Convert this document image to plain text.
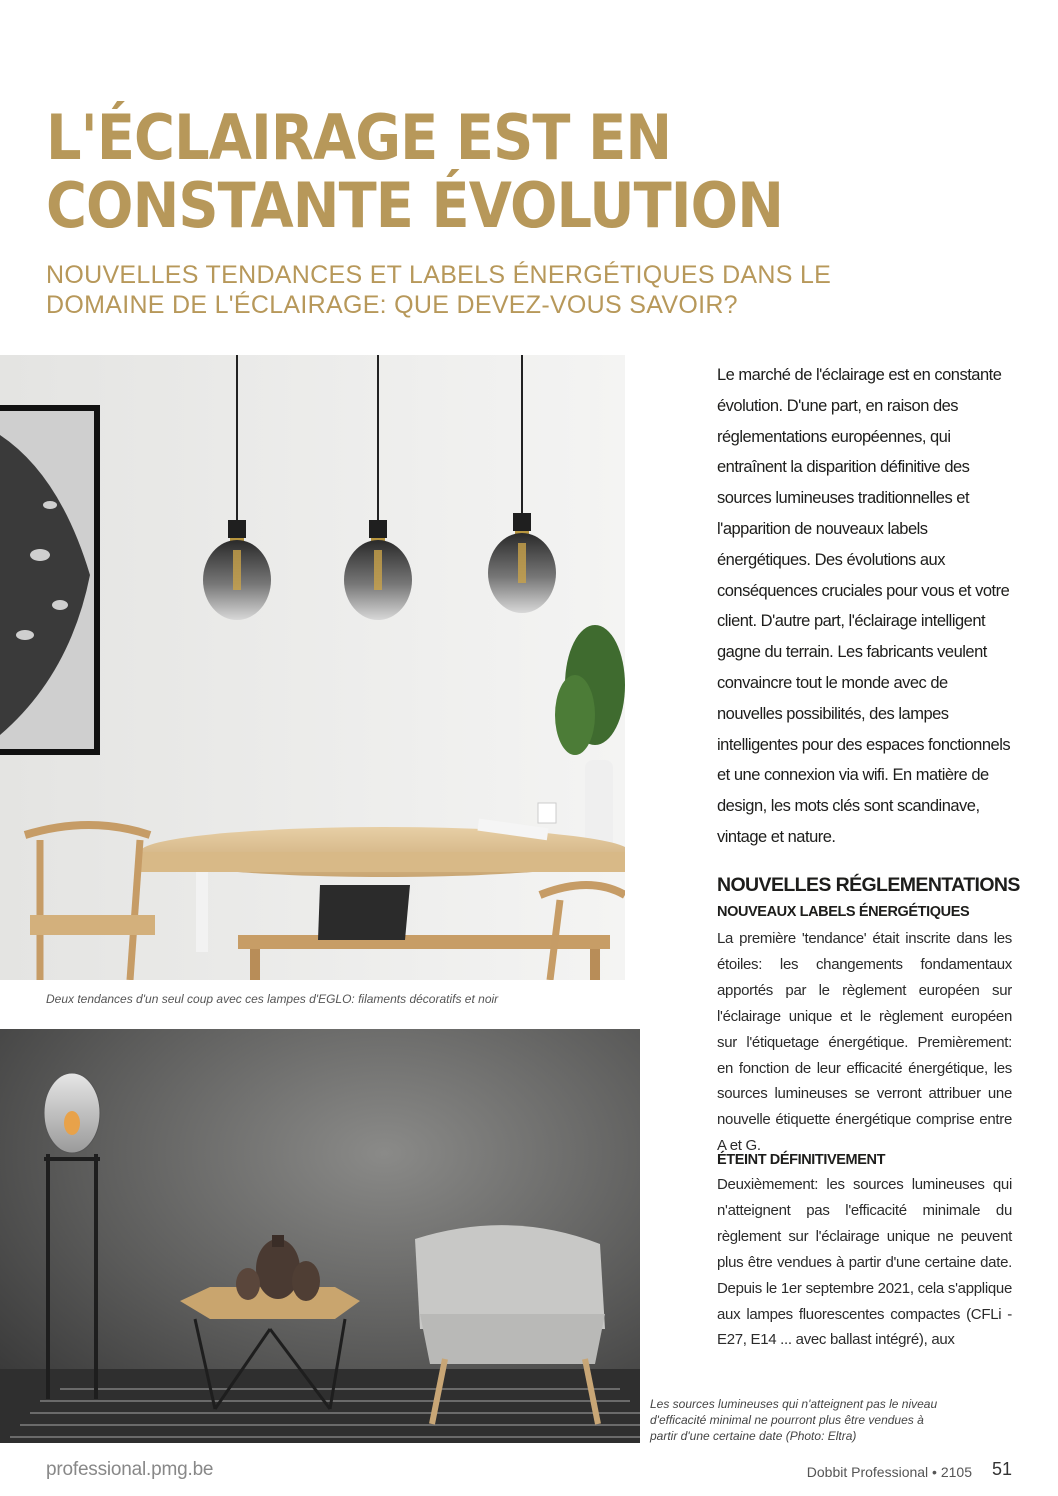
L'ÉCLAIRAGE EST EN CONSTANTE ÉVOLUTION
NOUVELLES TENDANCES ET LABELS ÉNERGÉTIQUES DANS LE DOMAINE DE L'ÉCLAIRAGE: QUE DEVEZ-VOUS SAVOIR?
Deux tendances d'un seul coup avec ces lampes d'EGLO: filaments décoratifs et noir
Les sources lumineuses qui n'atteignent pas le niveau d'efficacité minimal ne pourront plus être vendues à partir d'une certaine date (Photo: Eltra)

Le marché de l'éclairage est en constante évolution. D'une part, en raison des réglementations européennes, qui entraînent la disparition définitive des sources lumineuses traditionnelles et l'apparition de nouveaux labels énergétiques. Des évolutions aux conséquences cruciales pour vous et votre client. D'autre part, l'éclairage intelligent gagne du terrain. Les fabricants veulent convaincre tout le monde avec de nouvelles possibilités, des lampes intelligentes pour des espaces fonctionnels et une connexion via wifi. En matière de design, les mots clés sont scandinave, vintage et nature.

NOUVELLES RÉGLEMENTATIONS
NOUVEAUX LABELS ÉNERGÉTIQUES

La première 'tendance' était inscrite dans les étoiles: les changements fondamentaux apportés par le règlement européen sur l'éclairage unique et le règlement européen sur l'étiquetage énergétique. Premièrement: en fonction de leur efficacité énergétique, les sources lumineuses se verront attribuer une nouvelle étiquette énergétique comprise entre A et G.

ÉTEINT DÉFINITIVEMENT

Deuxièmement: les sources lumineuses qui n'atteignent pas l'efficacité minimale du règlement sur l'éclairage unique ne peuvent plus être vendues à partir d'une certaine date. Depuis le 1er septembre 2021, cela s'applique aux lampes fluorescentes compactes (CFLi - E27, E14 ... avec ballast intégré), aux

professional.pmg.be	Dobbit Professional • 2105 51
